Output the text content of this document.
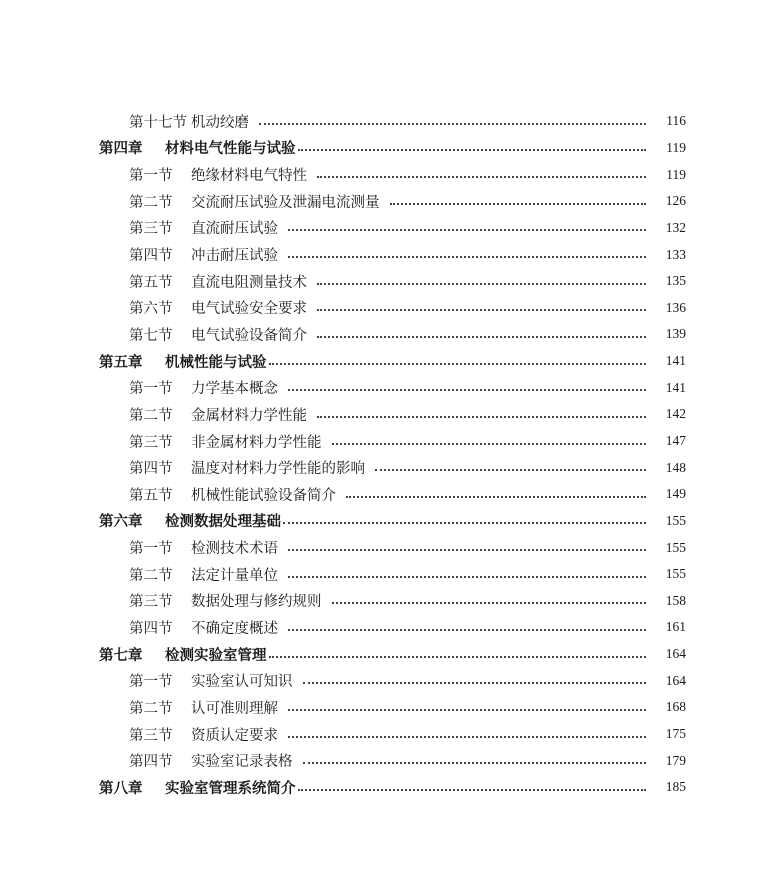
第十七节 机动绞磨	116
第四章	材料电气性能与试验	119
第一节	绝缘材料电气特性	119
第二节	交流耐压试验及泄漏电流测量	126
第三节	直流耐压试验	132
第四节	冲击耐压试验	133
第五节	直流电阻测量技术	135
第六节	电气试验安全要求	136
第七节	电气试验设备简介	139
第五章	机械性能与试验	141
第一节	力学基本概念	141
第二节	金属材料力学性能	142
第三节	非金属材料力学性能	147
第四节	温度对材料力学性能的影响	148
第五节	机械性能试验设备简介	149
第六章	检测数据处理基础	155
第一节	检测技术术语	155
第二节	法定计量单位	155
第三节	数据处理与修约规则	158
第四节	不确定度概述	161
第七章	检测实验室管理	164
第一节	实验室认可知识	164
第二节	认可准则理解	168
第三节	资质认定要求	175
第四节	实验室记录表格	179
第八章	实验室管理系统简介	185
